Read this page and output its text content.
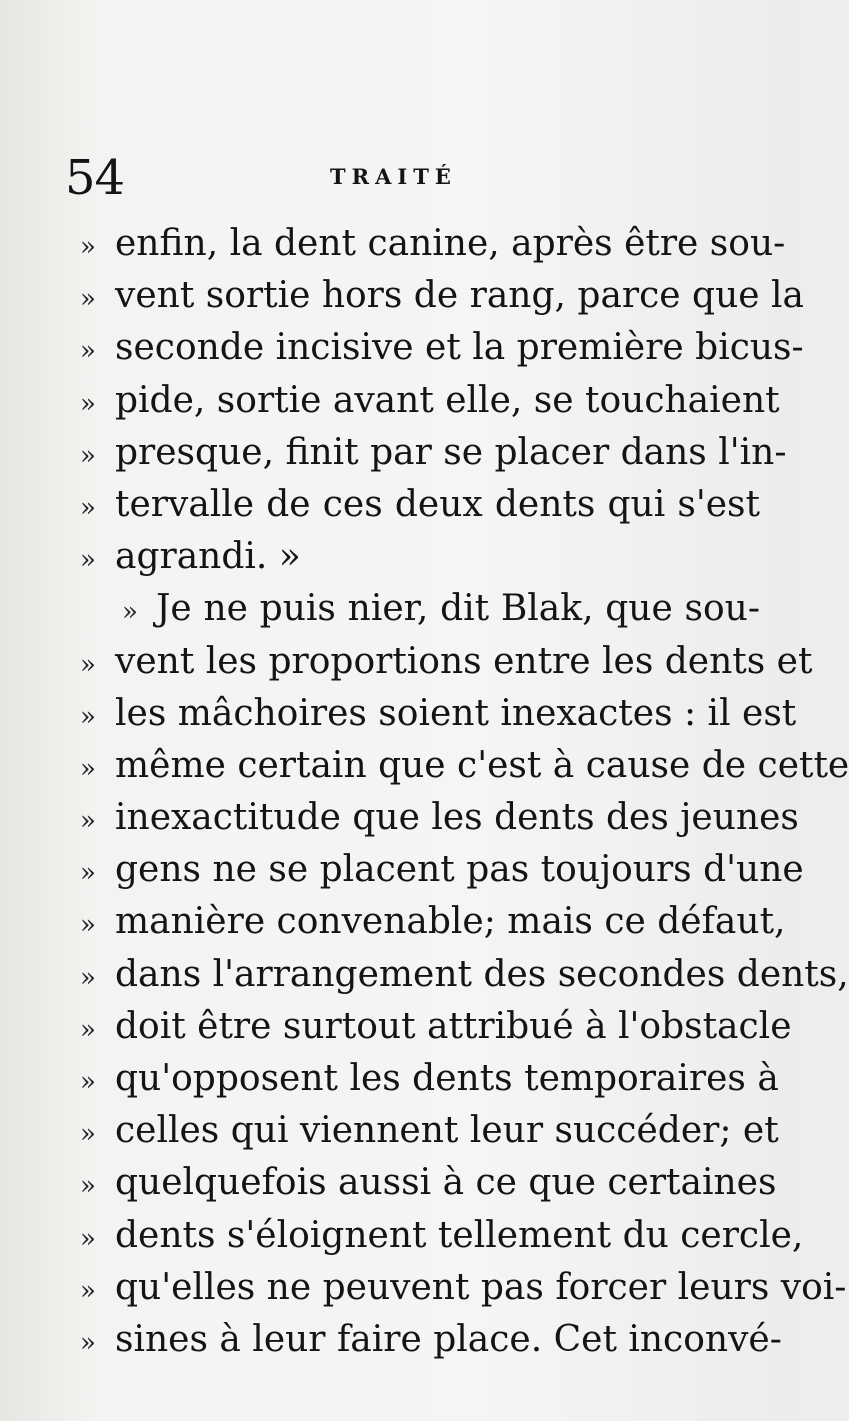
54	TRAITÉ
» enfin, la dent canine, après être sou-
» vent sortie hors de rang, parce que la
» seconde incisive et la première bicus-
» pide, sortie avant elle, se touchaient
» presque, finit par se placer dans l'in-
» tervalle de ces deux dents qui s'est
» agrandi. »
» Je ne puis nier, dit Blak, que sou-
» vent les proportions entre les dents et
» les mâchoires soient inexactes : il est
» même certain que c'est à cause de cette
» inexactitude que les dents des jeunes
» gens ne se placent pas toujours d'une
» manière convenable; mais ce défaut,
» dans l'arrangement des secondes dents,
» doit être surtout attribué à l'obstacle
» qu'opposent les dents temporaires à
» celles qui viennent leur succéder; et
» quelquefois aussi à ce que certaines
» dents s'éloignent tellement du cercle,
» qu'elles ne peuvent pas forcer leurs voi-
» sines à leur faire place. Cet inconvé-
